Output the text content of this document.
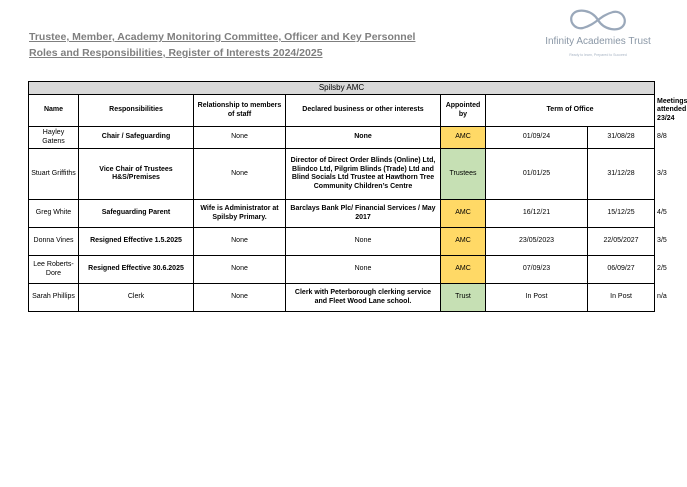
Trustee, Member, Academy Monitoring Committee, Officer and Key Personnel
Roles and Responsibilities, Register of Interests 2024/2025
Infinity Academies Trust
Ready to learn, Prepared to Succeed
Spilsby AMC							
Name	Responsibilities	Relationship to members of staff	Declared business or other interests	Appointed by	Term of Office		Meetings attended 23/24
Hayley Gatens	Chair / Safeguarding	None	None	AMC	01/09/24	31/08/28	8/8
Stuart Griffiths	Vice Chair of Trustees H&S/Premises	None	Director of Direct Order Blinds (Online) Ltd, Blindco Ltd, Pilgrim Blinds (Trade) Ltd and Blind Socials Ltd Trustee at Hawthorn Tree Community Children’s Centre	Trustees	01/01/25	31/12/28	3/3
Greg White	Safeguarding Parent	Wife is Administrator at Spilsby Primary.	Barclays Bank Plc/ Financial Services / May 2017	AMC	16/12/21	15/12/25	4/5
Donna Vines	Resigned Effective 1.5.2025	None	None	AMC	23/05/2023	22/05/2027	3/5
Lee Roberts-Dore	Resigned Effective 30.6.2025	None	None	AMC	07/09/23	06/09/27	2/5
Sarah Phillips	Clerk	None	Clerk with Peterborough clerking service and Fleet Wood Lane school.	Trust	In Post	In Post	n/a
